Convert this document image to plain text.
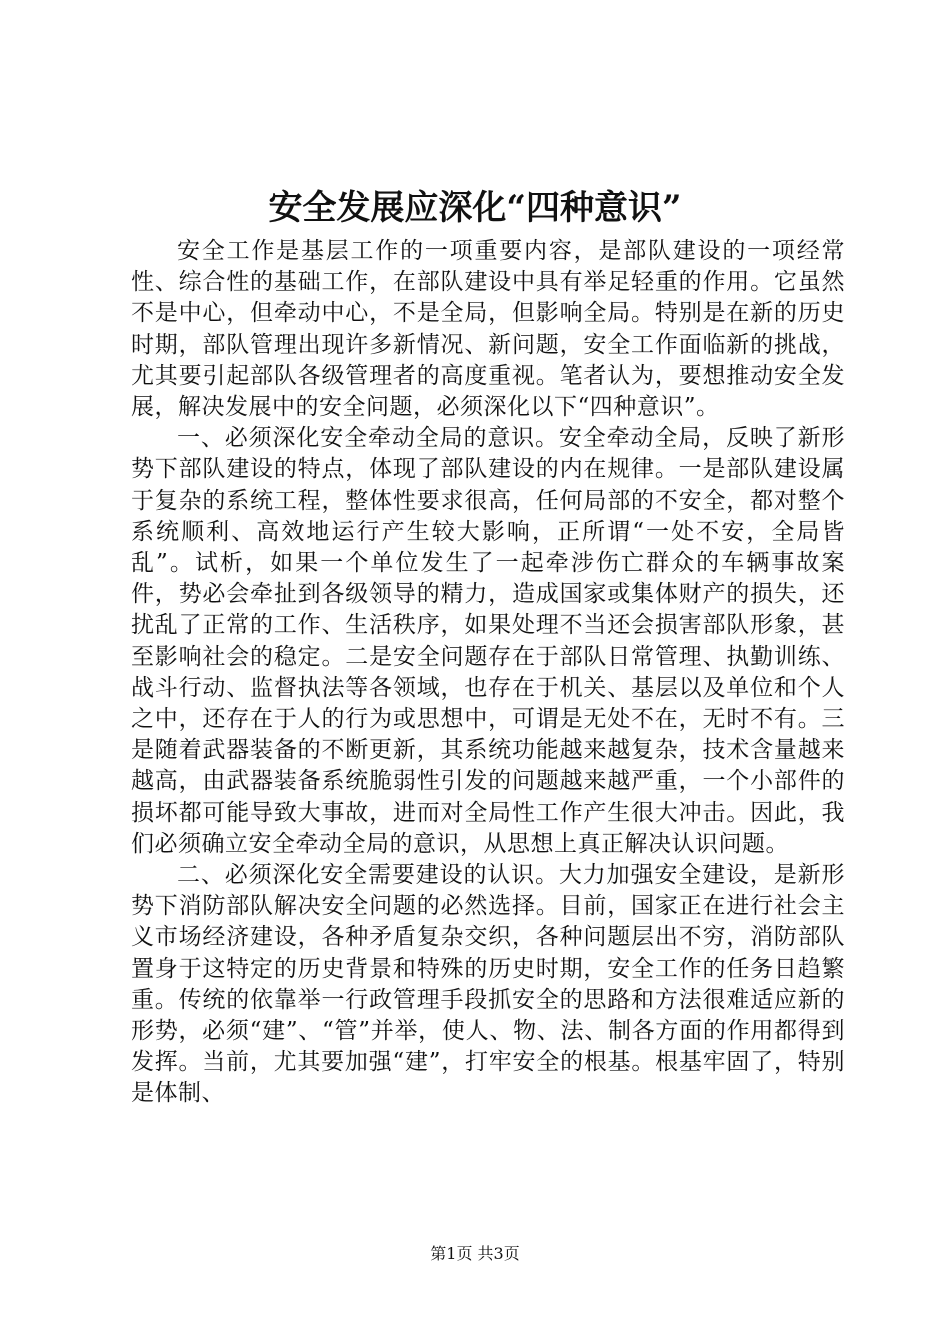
安全发展应深化“四种意识”

安全工作是基层工作的一项重要内容，是部队建设的一项经常性、综合性的基础工作，在部队建设中具有举足轻重的作用。它虽然不是中心，但牵动中心，不是全局，但影响全局。特别是在新的历史时期，部队管理出现许多新情况、新问题，安全工作面临新的挑战，尤其要引起部队各级管理者的高度重视。笔者认为，要想推动安全发展，解决发展中的安全问题，必须深化以下“四种意识”。

一、必须深化安全牵动全局的意识。安全牵动全局，反映了新形势下部队建设的特点，体现了部队建设的内在规律。一是部队建设属于复杂的系统工程，整体性要求很高，任何局部的不安全，都对整个系统顺利、高效地运行产生较大影响，正所谓“一处不安，全局皆乱”。试析，如果一个单位发生了一起牵涉伤亡群众的车辆事故案件，势必会牵扯到各级领导的精力，造成国家或集体财产的损失，还扰乱了正常的工作、生活秩序，如果处理不当还会损害部队形象，甚至影响社会的稳定。二是安全问题存在于部队日常管理、执勤训练、战斗行动、监督执法等各领域，也存在于机关、基层以及单位和个人之中，还存在于人的行为或思想中，可谓是无处不在，无时不有。三是随着武器装备的不断更新，其系统功能越来越复杂，技术含量越来越高，由武器装备系统脆弱性引发的问题越来越严重，一个小部件的损坏都可能导致大事故，进而对全局性工作产生很大冲击。因此，我们必须确立安全牵动全局的意识，从思想上真正解决认识问题。

二、必须深化安全需要建设的认识。大力加强安全建设，是新形势下消防部队解决安全问题的必然选择。目前，国家正在进行社会主义市场经济建设，各种矛盾复杂交织，各种问题层出不穷，消防部队置身于这特定的历史背景和特殊的历史时期，安全工作的任务日趋繁重。传统的依靠举一行政管理手段抓安全的思路和方法很难适应新的形势，必须“建”、“管”并举，使人、物、法、制各方面的作用都得到发挥。当前，尤其要加强“建”，打牢安全的根基。根基牢固了，特别是体制、

第1页 共3页
